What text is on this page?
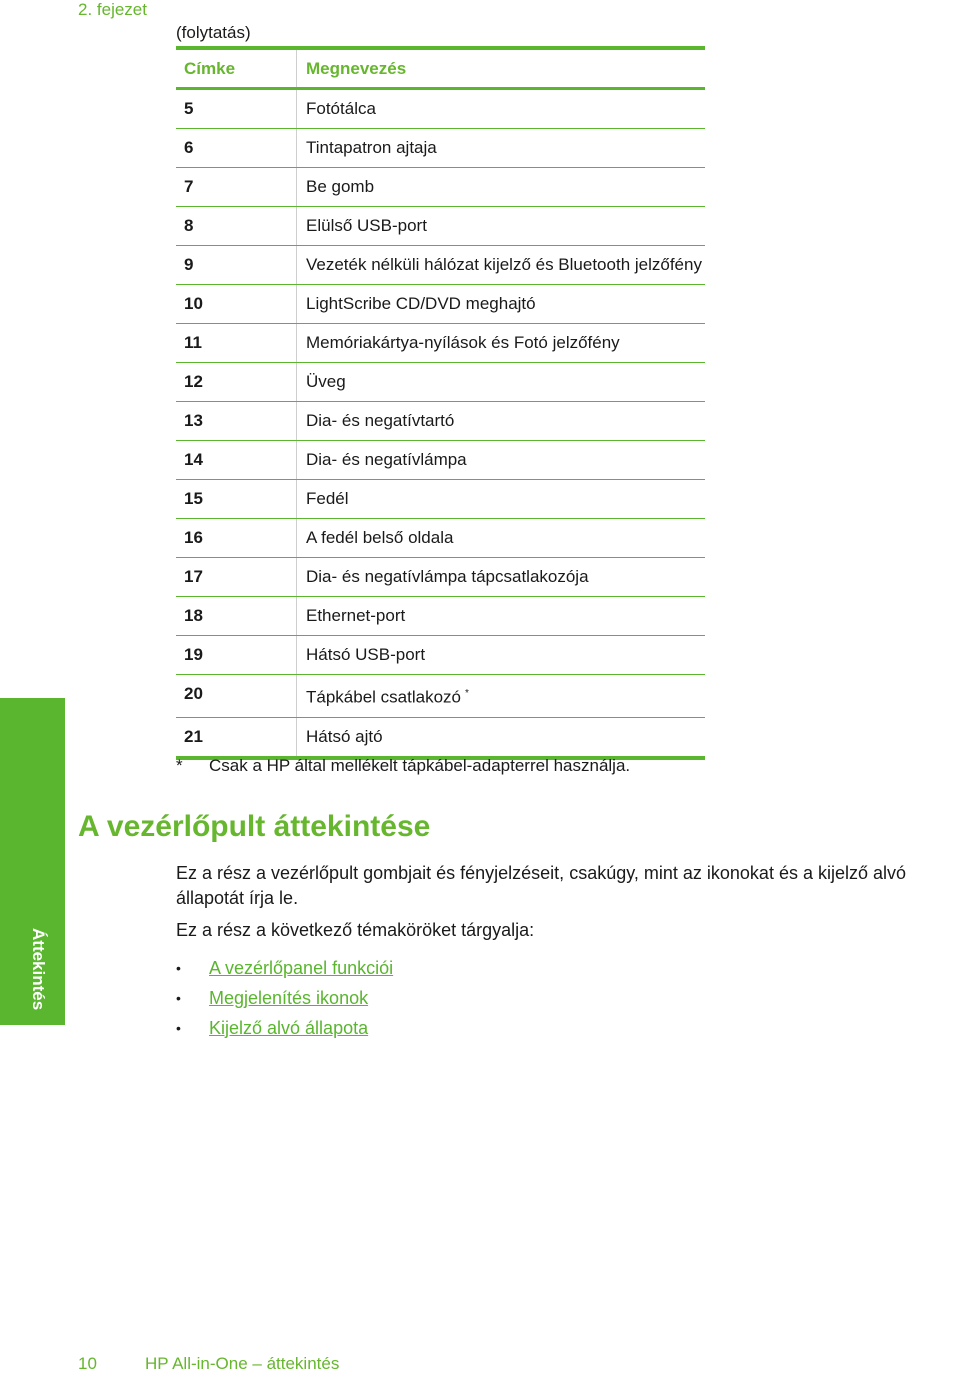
2. fejezet
(folytatás)
Címke	Megnevezés
5	Fotótálca
6	Tintapatron ajtaja
7	Be gomb
8	Elülső USB-port
9	Vezeték nélküli hálózat kijelző és Bluetooth jelzőfény
10	LightScribe CD/DVD meghajtó
11	Memóriakártya-nyílások és Fotó jelzőfény
12	Üveg
13	Dia- és negatívtartó
14	Dia- és negatívlámpa
15	Fedél
16	A fedél belső oldala
17	Dia- és negatívlámpa tápcsatlakozója
18	Ethernet-port
19	Hátsó USB-port
20	Tápkábel csatlakozó *
21	Hátsó ajtó
* Csak a HP által mellékelt tápkábel-adapterrel használja.
Áttekintés
A vezérlőpult áttekintése
Ez a rész a vezérlőpult gombjait és fényjelzéseit, csakúgy, mint az ikonokat és a kijelző alvó állapotát írja le.
Ez a rész a következő témaköröket tárgyalja:
•	A vezérlőpanel funkciói
•	Megjelenítés ikonok
•	Kijelző alvó állapota
10	HP All-in-One – áttekintés
